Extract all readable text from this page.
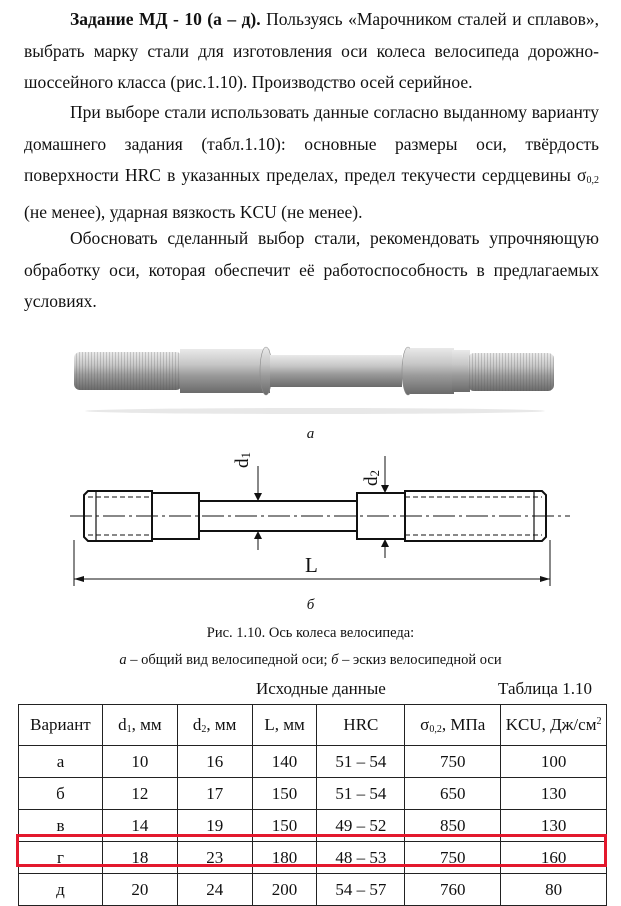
Задание МД - 10 (а – д). Пользуясь «Марочником сталей и сплавов», выбрать марку стали для изготовления оси колеса велосипеда дорожно-шоссейного класса (рис.1.10). Производство осей серийное.

При выборе стали использовать данные согласно выданному варианту домашнего задания (табл.1.10): основные размеры оси, твёрдость поверхности HRC в указанных пределах, предел текучести сердцевины $\sigma_{0,2}$ (не менее), ударная вязкость KCU (не менее).

Обосновать сделанный выбор стали, рекомендовать упрочняющую обработку оси, которая обеспечит её работоспособность в предлагаемых условиях.

а
$d_1$
$d_2$
L
б
Рис. 1.10. Ось колеса велосипеда:
а – общий вид велосипедной оси; б – эскиз велосипедной оси
Исходные данные	Таблица 1.10
Вариант	$d_1$, мм	$d_2$, мм	L, мм	HRC	$\sigma_{0,2}$, МПа	KCU, $Дж/см^2$
а	10	16	140	51 – 54	750	100
б	12	17	150	51 – 54	650	130
в	14	19	150	49 – 52	850	130
г	18	23	180	48 – 53	750	160
д	20	24	200	54 – 57	760	80
